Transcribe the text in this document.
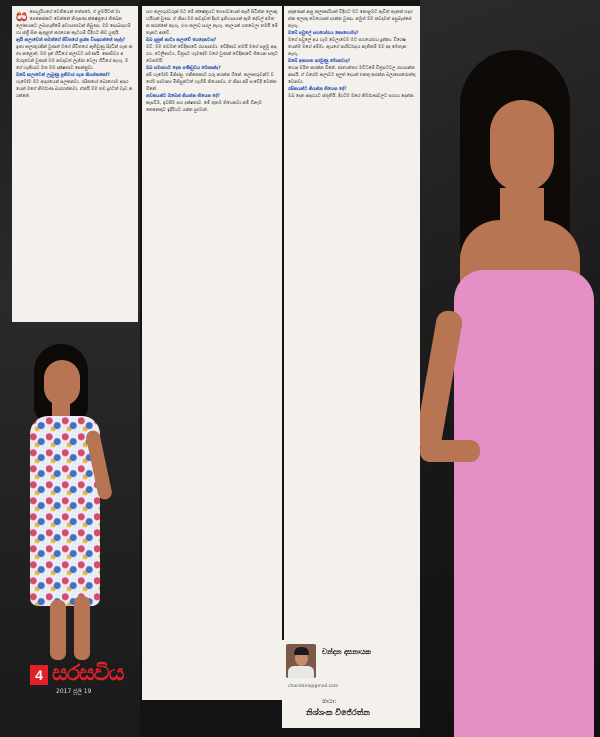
ස සොයුරියගේ වෙතියෙන් තත්පරේ, ඒ ළමයිටත් මා පෙනෙන්නට වෙන්නේ නිරූපණ ක්ෂේත්‍රයේ තිබෙන ලෝකයකට ලබාගැනීමේ අවශ්‍යතාවක් තිබුණා. මම සොබාදහම් හා ස්ත්‍රී සිත ඇතුළත් කරගෙන කැටයම් විදිහට කිව යුතුයි.
ඇයි කලාවෙන් තමන්ගේ ජීවිතයේ ප්‍රශ්න විසඳාගන්නේ නැද්ද?
ඉතා කලාතුරකින් වුණත් මගේ ජීවිතයේ ඇතිවුණු සිද්ධීන් ගැන කතා කළොත්, මම දැන් හිටියේ කලාවට පමණයි. කොච්චර අමාරුවෙන් වුණත් මම කවදාවත් ලැජ්ජා වෙලා හිටියේ නැහැ. මගේ හැකියාව මත මම දක්ෂතාව පෙන්නුවා.
ඔබේ කලාවෙන් ලැබුණු ප්‍රතිචාර ගැන කියන්නකෝ?
හැමෝම මට ආදරයෙන් සලකනවා. රසිකයෝ බොහොම ආදරයෙන් මගේ නිර්මාණ බාරගන්නවා. ඒකයි මම තව දුරටත් වැඩ කරන්නේ.
සහ කලාගුරවරුන් මට මේ ක්ෂේත්‍රයට ගෞරවයෙන් නැඟී සිටින්න ලොකු හයියක් වුණා. ඒ නිසා මම කවදාවත් දීර්ඝ ඉතිහාසයක් ඇති දේවල් අමතක කරන්නේ නැහැ. රංග කලාව සරල නැහැ. කාලයක් ගතවෙලා තමයි මේ තැනට ආවේ.
ඔබ දැනුත් නාට්‍ය කලාවේ යෙදෙනවාද?
ඔව්. මම තවමත් වේදිකාවේ රඟපානවා. වේදිකාව තමයි මගේ පළමු ආදරය. ටෙලිනාට්‍ය, චිත්‍රපට හැමදේම වගේ වුණත් වේදිකාවේ තියෙන සතුට වෙනමයි.
ඔබ සමාජයට දෙන පණිවුඩය මොකක්ද?
අපි හැමෝම මිනිස්සු. එකිනෙකාට ගරු කරන්න ඕනේ. කලාකරුවන්ට වගේම සාමාන්‍ය මිනිසුන්ටත් හැඟීම් තියෙනවා. ඒ නිසා අපි සංවේදී වෙන්න ඕනේ.
නවකයන්ට ඔබෙන් කියන්න තියෙන දේ?
කැපවීම, ඉවසීම සහ දක්ෂතාව. මේ තුනම තියෙනවා නම් ඕනෑම කෙනෙකුට ඉදිරියට යන්න පුළුවන්.
දකුණෙන් ආපු කලාකාරියක් විදිහට මට කොළඹට ඇවිත් තැනක් හදාගන්න ලොකු වෙහෙසක් දරන්න වුණා. නමුත් මම කවදාවත් පසුබැස්සේ නැහැ.
ඔබේ පවුලේ සහයෝගය කොහොමද?
මගේ පවුලේ අය හැම වෙලාවෙම මට සහයෝගය දුන්නා. විශේෂයෙන්ම මගේ අම්මා. ඇයගේ ආශීර්වාදය නැතිනම් මම අද මෙතැන නැහැ.
ඔබේ අනාගත අරමුණු මොනවාද?
හොඳ චරිත කරන්න ඕනේ. ජාත්‍යන්තර මට්ටමේ චිත්‍රපටවල රඟපාන්න ආසයි. ඒ වගේම කලාවට අලුත් දෙයක් එකතු කරන්න බලාපොරොත්තු වෙනවා.
රසිකයන්ට කියන්න තියෙන දේ?
ඔබ දෙන ආදරයට ස්තූතියි. දිගටම මගේ නිර්මාණවලට සහාය දෙන්න.
4 සරසවිය
2017 ජූලි 19
චන්දන දසනායක
chandana@gmail.com
ඡායා:
නිශ්ශංක විජේරත්න
